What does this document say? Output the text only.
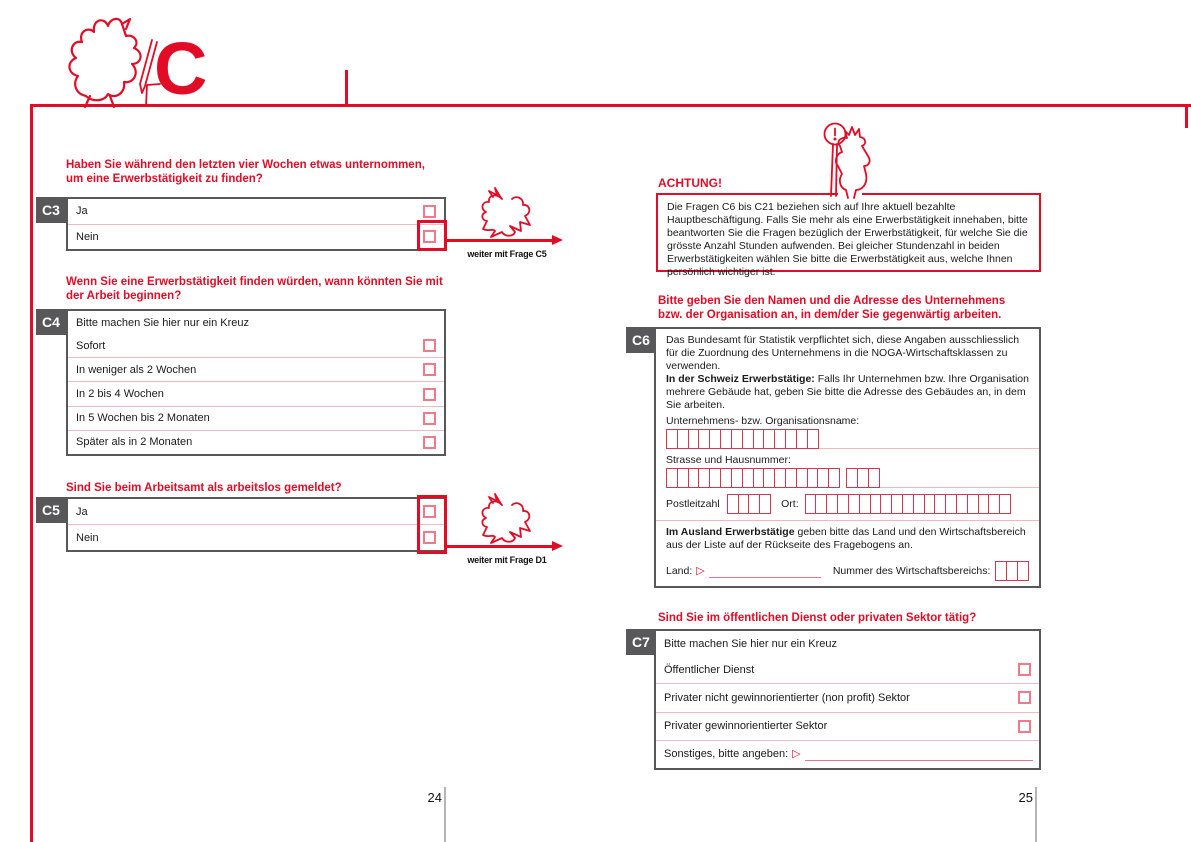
C
Haben Sie während den letzten vier Wochen etwas unternommen,
um eine Erwerbstätigkeit zu finden?
C3	Ja
Nein
weiter mit Frage C5
Wenn Sie eine Erwerbstätigkeit finden würden, wann könnten Sie mit
der Arbeit beginnen?
C4	Bitte machen Sie hier nur ein Kreuz
Sofort
In weniger als 2 Wochen
In 2 bis 4 Wochen
In 5 Wochen bis 2 Monaten
Später als in 2 Monaten
Sind Sie beim Arbeitsamt als arbeitslos gemeldet?
C5	Ja
Nein
weiter mit Frage D1
24
ACHTUNG!
Die Fragen C6 bis C21 beziehen sich auf Ihre aktuell bezahlte Hauptbeschäftigung. Falls Sie mehr als eine Erwerbstätigkeit innehaben, bitte beantworten Sie die Fragen bezüglich der Erwerbstätigkeit, für welche Sie die grösste Anzahl Stunden aufwenden. Bei gleicher Stundenzahl in beiden Erwerbstätigkeiten wählen Sie bitte die Erwerbstätigkeit aus, welche Ihnen persönlich wichtiger ist.
Bitte geben Sie den Namen und die Adresse des Unternehmens
bzw. der Organisation an, in dem/der Sie gegenwärtig arbeiten.
C6	Das Bundesamt für Statistik verpflichtet sich, diese Angaben ausschliesslich für die Zuordnung des Unternehmens in die NOGA-Wirtschaftsklassen zu verwenden.

In der Schweiz Erwerbstätige: Falls Ihr Unternehmen bzw. Ihre Organisation mehrere Gebäude hat, geben Sie bitte die Adresse des Gebäudes an, in dem Sie arbeiten.

Unternehmens- bzw. Organisationsname:
Strasse und Hausnummer:
Postleitzahl	Ort:

Im Ausland Erwerbstätige geben bitte das Land und den Wirtschaftsbereich aus der Liste auf der Rückseite des Fragebogens an.

Land: ▷	Nummer des Wirtschaftsbereichs:
Sind Sie im öffentlichen Dienst oder privaten Sektor tätig?
C7	Bitte machen Sie hier nur ein Kreuz
Öffentlicher Dienst
Privater nicht gewinnorientierter (non profit) Sektor
Privater gewinnorientierter Sektor
Sonstiges, bitte angeben: ▷
25
